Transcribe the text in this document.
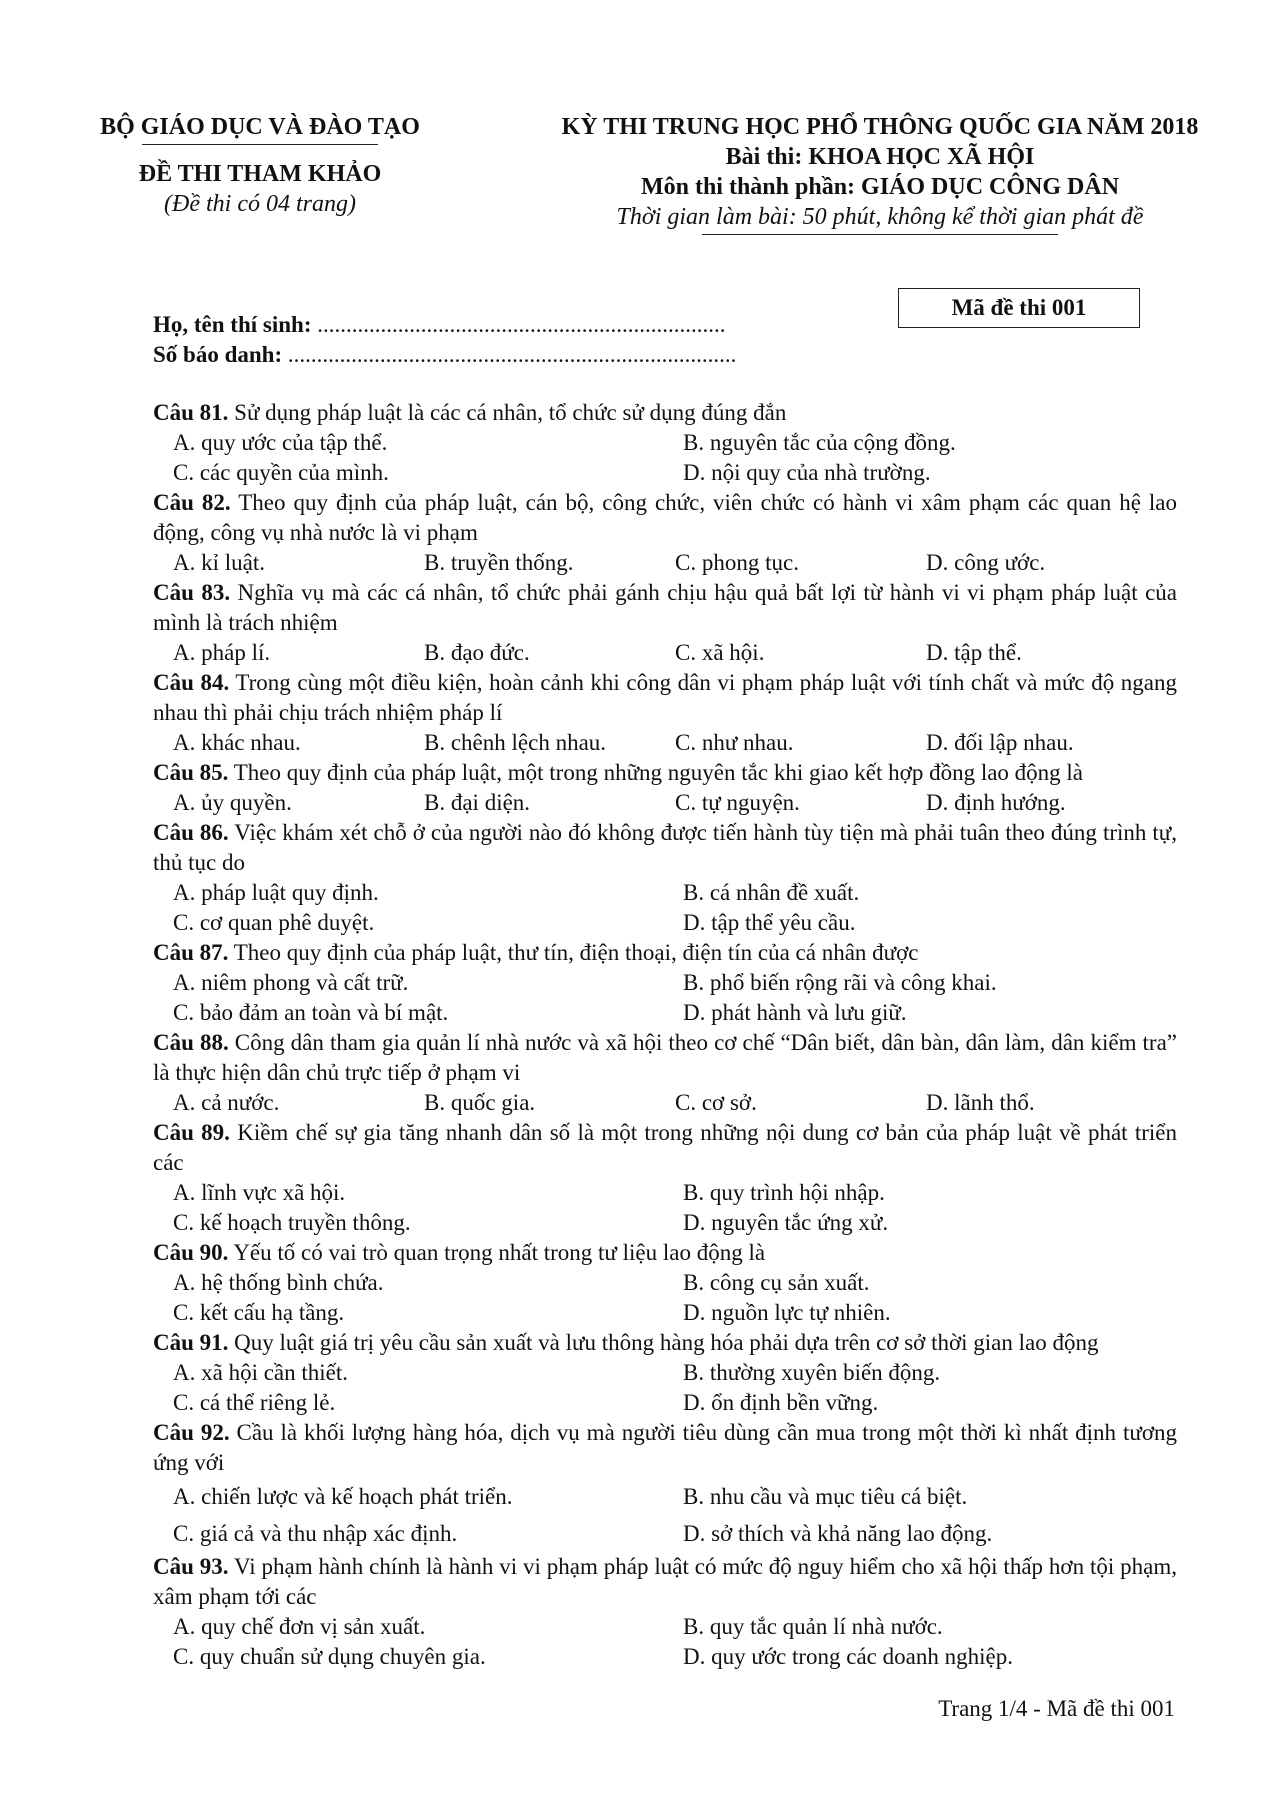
BỘ GIÁO DỤC VÀ ĐÀO TẠO
ĐỀ THI THAM KHẢO
(Đề thi có 04 trang)
KỲ THI TRUNG HỌC PHỔ THÔNG QUỐC GIA NĂM 2018
Bài thi: KHOA HỌC XÃ HỘI
Môn thi thành phần: GIÁO DỤC CÔNG DÂN
Thời gian làm bài: 50 phút, không kể thời gian phát đề
Mã đề thi 001
Họ, tên thí sinh: .......................................................................
Số báo danh: ..............................................................................
Câu 81. Sử dụng pháp luật là các cá nhân, tổ chức sử dụng đúng đắn
A. quy ước của tập thể.	B. nguyên tắc của cộng đồng.
C. các quyền của mình.	D. nội quy của nhà trường.
Câu 82. Theo quy định của pháp luật, cán bộ, công chức, viên chức có hành vi xâm phạm các quan hệ lao động, công vụ nhà nước là vi phạm
A. kỉ luật.	B. truyền thống.	C. phong tục.	D. công ước.
Câu 83. Nghĩa vụ mà các cá nhân, tổ chức phải gánh chịu hậu quả bất lợi từ hành vi vi phạm pháp luật của mình là trách nhiệm
A. pháp lí.	B. đạo đức.	C. xã hội.	D. tập thể.
Câu 84. Trong cùng một điều kiện, hoàn cảnh khi công dân vi phạm pháp luật với tính chất và mức độ ngang nhau thì phải chịu trách nhiệm pháp lí
A. khác nhau.	B. chênh lệch nhau.	C. như nhau.	D. đối lập nhau.
Câu 85. Theo quy định của pháp luật, một trong những nguyên tắc khi giao kết hợp đồng lao động là
A. ủy quyền.	B. đại diện.	C. tự nguyện.	D. định hướng.
Câu 86. Việc khám xét chỗ ở của người nào đó không được tiến hành tùy tiện mà phải tuân theo đúng trình tự, thủ tục do
A. pháp luật quy định.	B. cá nhân đề xuất.
C. cơ quan phê duyệt.	D. tập thể yêu cầu.
Câu 87. Theo quy định của pháp luật, thư tín, điện thoại, điện tín của cá nhân được
A. niêm phong và cất trữ.	B. phổ biến rộng rãi và công khai.
C. bảo đảm an toàn và bí mật.	D. phát hành và lưu giữ.
Câu 88. Công dân tham gia quản lí nhà nước và xã hội theo cơ chế “Dân biết, dân bàn, dân làm, dân kiểm tra” là thực hiện dân chủ trực tiếp ở phạm vi
A. cả nước.	B. quốc gia.	C. cơ sở.	D. lãnh thổ.
Câu 89. Kiềm chế sự gia tăng nhanh dân số là một trong những nội dung cơ bản của pháp luật về phát triển các
A. lĩnh vực xã hội.	B. quy trình hội nhập.
C. kế hoạch truyền thông.	D. nguyên tắc ứng xử.
Câu 90. Yếu tố có vai trò quan trọng nhất trong tư liệu lao động là
A. hệ thống bình chứa.	B. công cụ sản xuất.
C. kết cấu hạ tầng.	D. nguồn lực tự nhiên.
Câu 91. Quy luật giá trị yêu cầu sản xuất và lưu thông hàng hóa phải dựa trên cơ sở thời gian lao động
A. xã hội cần thiết.	B. thường xuyên biến động.
C. cá thể riêng lẻ.	D. ổn định bền vững.
Câu 92. Cầu là khối lượng hàng hóa, dịch vụ mà người tiêu dùng cần mua trong một thời kì nhất định tương ứng với
A. chiến lược và kế hoạch phát triển.	B. nhu cầu và mục tiêu cá biệt.
C. giá cả và thu nhập xác định.	D. sở thích và khả năng lao động.
Câu 93. Vi phạm hành chính là hành vi vi phạm pháp luật có mức độ nguy hiểm cho xã hội thấp hơn tội phạm, xâm phạm tới các
A. quy chế đơn vị sản xuất.	B. quy tắc quản lí nhà nước.
C. quy chuẩn sử dụng chuyên gia.	D. quy ước trong các doanh nghiệp.
Trang 1/4 - Mã đề thi 001
